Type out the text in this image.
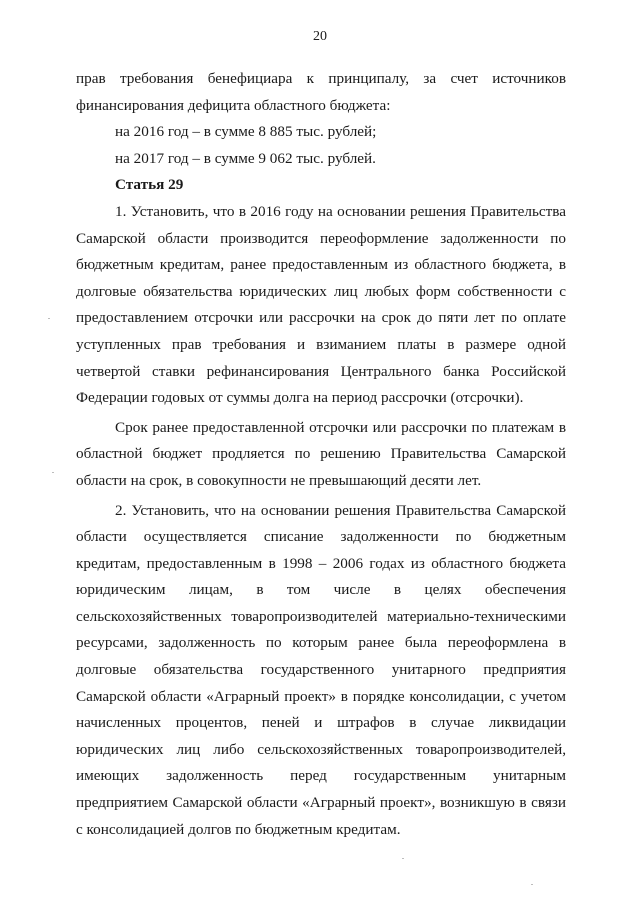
20

прав требования бенефициара к принципалу, за счет источников финансирования дефицита областного бюджета:

на 2016 год – в сумме 8 885 тыс. рублей;

на 2017 год – в сумме 9 062 тыс. рублей.

Статья 29

1. Установить, что в 2016 году на основании решения Правительства Самарской области производится переоформление задолженности по бюджетным кредитам, ранее предоставленным из областного бюджета, в долговые обязательства юридических лиц любых форм собственности с предоставлением отсрочки или рассрочки на срок до пяти лет по оплате уступленных прав требования и взиманием платы в размере одной четвертой ставки рефинансирования Центрального банка Российской Федерации годовых от суммы долга на период рассрочки (отсрочки).

Срок ранее предоставленной отсрочки или рассрочки по платежам в областной бюджет продляется по решению Правительства Самарской области на срок, в совокупности не превышающий десяти лет.

2. Установить, что на основании решения Правительства Самарской области осуществляется списание задолженности по бюджетным кредитам, предоставленным в 1998 – 2006 годах из областного бюджета юридическим лицам, в том числе в целях обеспечения сельскохозяйственных товаропроизводителей материально-техническими ресурсами, задолженность по которым ранее была переоформлена в долговые обязательства государственного унитарного предприятия Самарской области «Аграрный проект» в порядке консолидации, с учетом начисленных процентов, пеней и штрафов в случае ликвидации юридических лиц либо сельскохозяйственных товаропроизводителей, имеющих задолженность перед государственным унитарным предприятием Самарской области «Аграрный проект», возникшую в связи с консолидацией долгов по бюджетным кредитам.
